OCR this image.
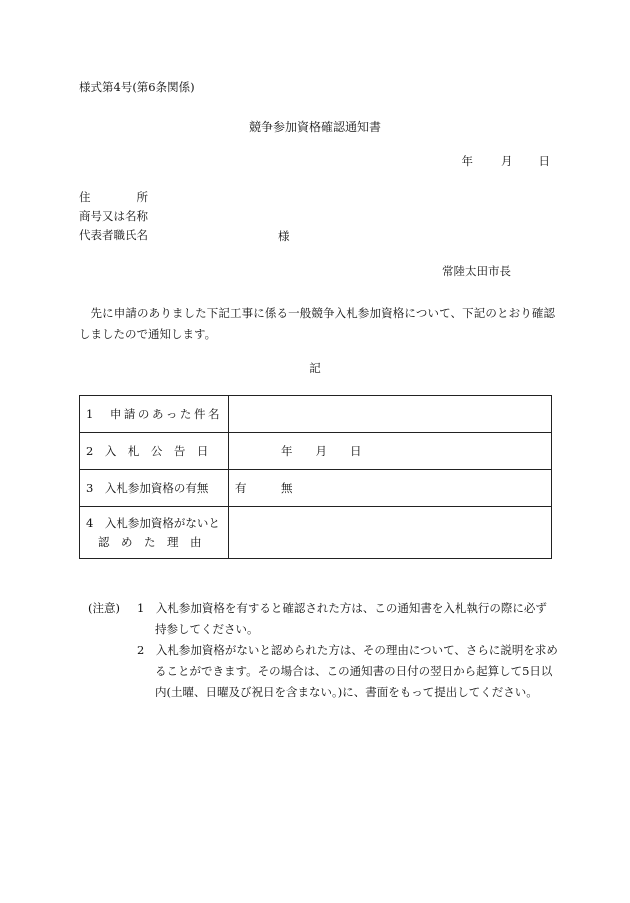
様式第4号(第6条関係)
競争参加資格確認通知書
年 月 日
住　　　　所
商号又は名称
代表者職氏名	様
常陸太田市長
先に申請のありました下記工事に係る一般競争入札参加資格について、下記のとおり確認しましたので通知します。
記
1　申請のあった件名	
2　入　札　公　告　日	年　　月　　日
3　入札参加資格の有無	有　　　無

4　入札参加資格がないと
認　め　た　理　由	

(注意) 1　入札参加資格を有すると確認された方は、この通知書を入札執行の際に必ず持参してください。
2　入札参加資格がないと認められた方は、その理由について、さらに説明を求めることができます。その場合は、この通知書の日付の翌日から起算して5日以内(土曜、日曜及び祝日を含まない。)に、書面をもって提出してください。
